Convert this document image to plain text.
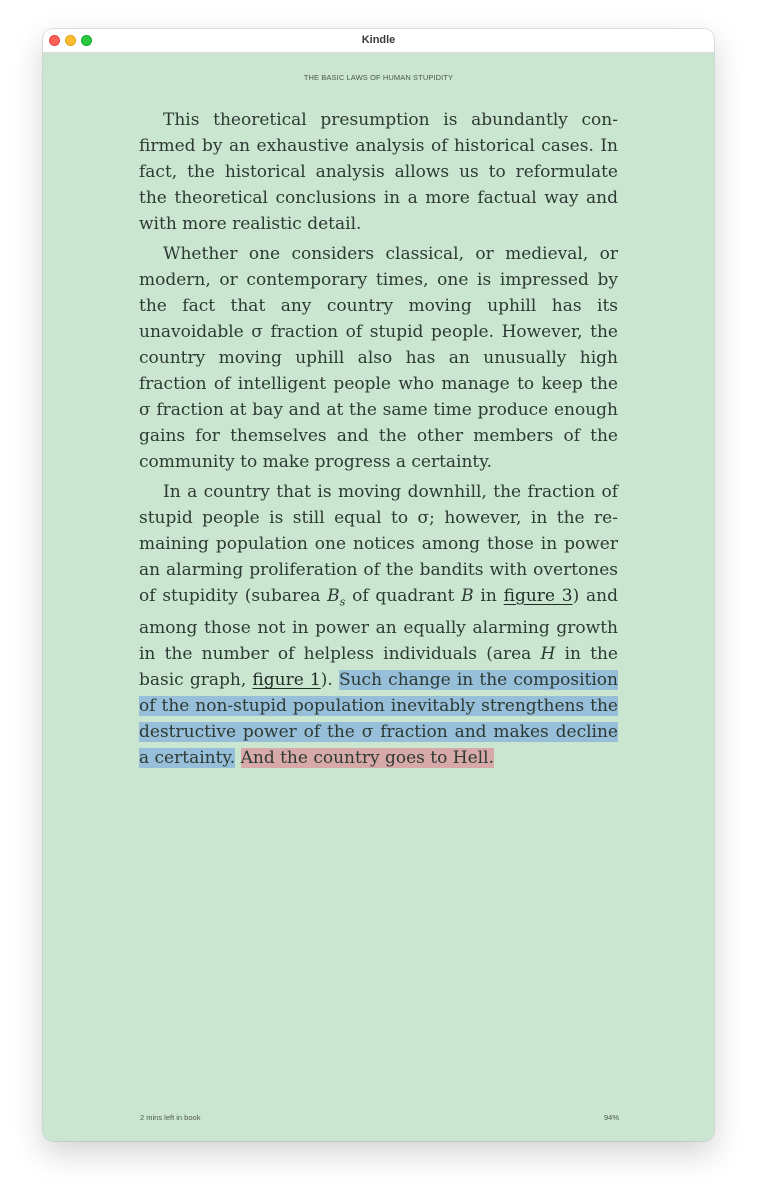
Kindle
THE BASIC LAWS OF HUMAN STUPIDITY

This theoretical presumption is abundantly confirmed by an exhaustive analysis of historical cases. In fact, the historical analysis allows us to reformulate the theoretical conclusions in a more factual way and with more realistic detail.

Whether one considers classical, or medieval, or modern, or contemporary times, one is impressed by the fact that any country moving uphill has its unavoidable σ fraction of stupid people. However, the country moving uphill also has an unusually high fraction of intelligent people who manage to keep the σ fraction at bay and at the same time produce enough gains for themselves and the other members of the community to make progress a certainty.

In a country that is moving downhill, the fraction of stupid people is still equal to σ; however, in the remaining population one notices among those in power an alarming proliferation of the bandits with overtones of stupidity (subarea $B_s$ of quadrant B in figure 3) and among those not in power an equally alarming growth in the number of helpless individuals (area H in the basic graph, figure 1). Such change in the composition of the non-stupid population inevitably strengthens the destructive power of the σ fraction and makes decline a certainty. And the country goes to Hell.

2 mins left in book	94%
